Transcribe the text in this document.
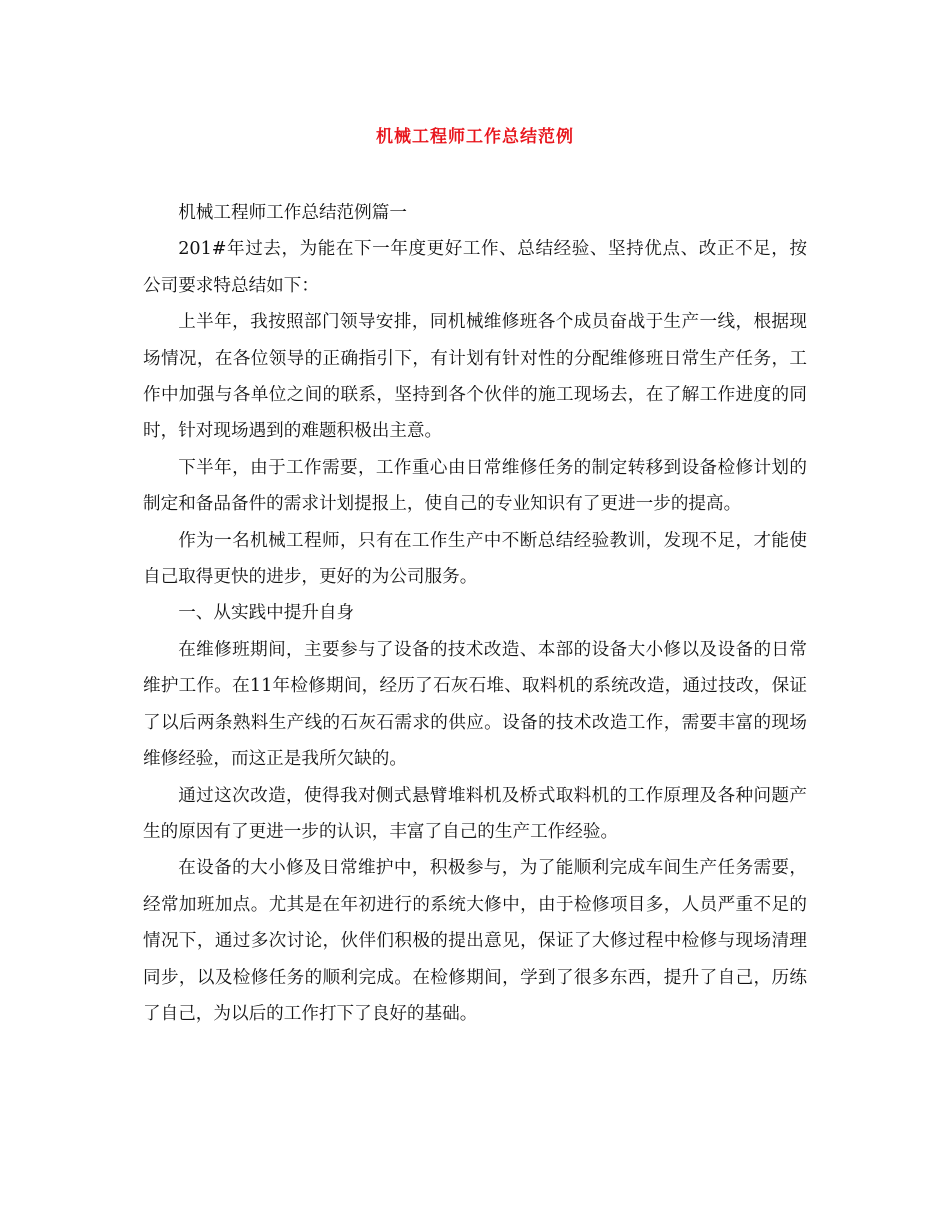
机械工程师工作总结范例

机械工程师工作总结范例篇一

201#年过去，为能在下一年度更好工作、总结经验、坚持优点、改正不足，按公司要求特总结如下：

上半年，我按照部门领导安排，同机械维修班各个成员奋战于生产一线，根据现场情况，在各位领导的正确指引下，有计划有针对性的分配维修班日常生产任务，工作中加强与各单位之间的联系，坚持到各个伙伴的施工现场去，在了解工作进度的同时，针对现场遇到的难题积极出主意。

下半年，由于工作需要，工作重心由日常维修任务的制定转移到设备检修计划的制定和备品备件的需求计划提报上，使自己的专业知识有了更进一步的提高。

作为一名机械工程师，只有在工作生产中不断总结经验教训，发现不足，才能使自己取得更快的进步，更好的为公司服务。

一、从实践中提升自身

在维修班期间，主要参与了设备的技术改造、本部的设备大小修以及设备的日常维护工作。在11年检修期间，经历了石灰石堆、取料机的系统改造，通过技改，保证了以后两条熟料生产线的石灰石需求的供应。设备的技术改造工作，需要丰富的现场维修经验，而这正是我所欠缺的。

通过这次改造，使得我对侧式悬臂堆料机及桥式取料机的工作原理及各种问题产生的原因有了更进一步的认识，丰富了自己的生产工作经验。

在设备的大小修及日常维护中，积极参与，为了能顺利完成车间生产任务需要，经常加班加点。尤其是在年初进行的系统大修中，由于检修项目多，人员严重不足的情况下，通过多次讨论，伙伴们积极的提出意见，保证了大修过程中检修与现场清理同步，以及检修任务的顺利完成。在检修期间，学到了很多东西，提升了自己，历练了自己，为以后的工作打下了良好的基础。
